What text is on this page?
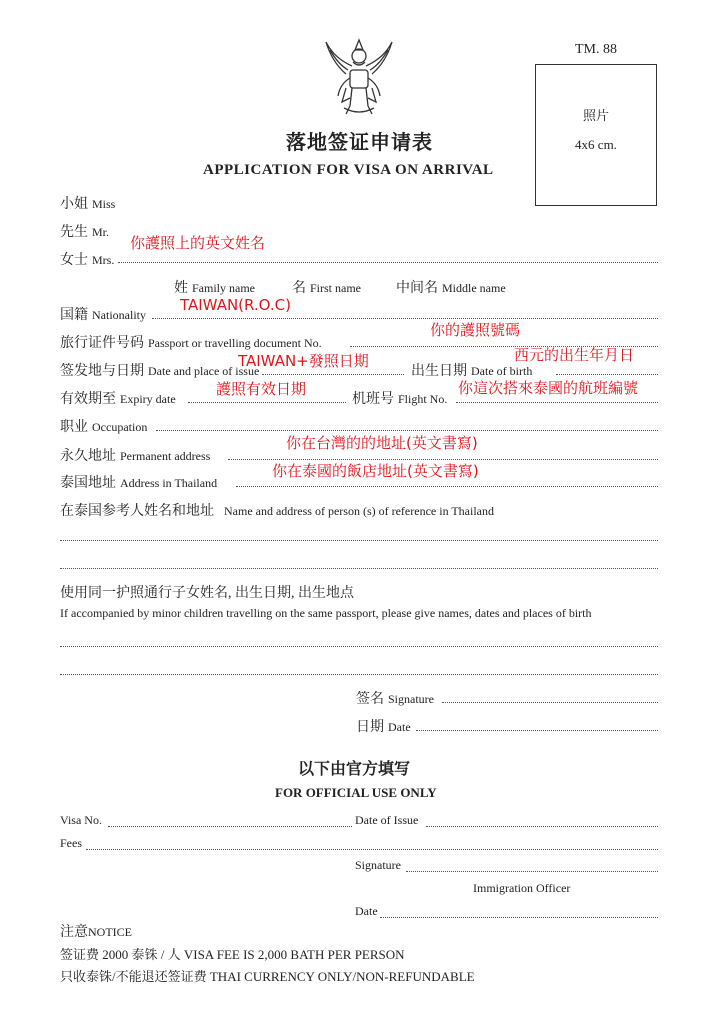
TM. 88
照片
4x6 cm.
落地签证申请表
APPLICATION FOR VISA ON ARRIVAL
小姐 Miss
先生 Mr.
女士 Mrs.
你護照上的英文姓名
姓 Family name	名 First name	中间名 Middle name
国籍 Nationality
TAIWAN(R.O.C)
旅行证件号码 Passport or travelling document No.
你的護照號碼
签发地与日期 Date and place of issue
TAIWAN+發照日期
出生日期 Date of birth
西元的出生年月日
有效期至 Expiry date
護照有效日期
机班号 Flight No.
你這次搭來泰國的航班編號
职业 Occupation
永久地址 Permanent address
你在台灣的的地址(英文書寫)
泰国地址 Address in Thailand
你在泰國的飯店地址(英文書寫)
在泰国参考人姓名和地址 Name and address of person (s) of reference in Thailand
使用同一护照通行子女姓名, 出生日期, 出生地点
If accompanied by minor children travelling on the same passport, please give names, dates and places of birth
签名 Signature
日期 Date
以下由官方填写
FOR OFFICIAL USE ONLY
Visa No.	Date of Issue
Fees
Signature
Immigration Officer
Date
注意NOTICE
签证费 2000 泰铢 / 人 VISA FEE IS 2,000 BATH PER PERSON
只收泰铢/不能退还签证费 THAI CURRENCY ONLY/NON-REFUNDABLE
